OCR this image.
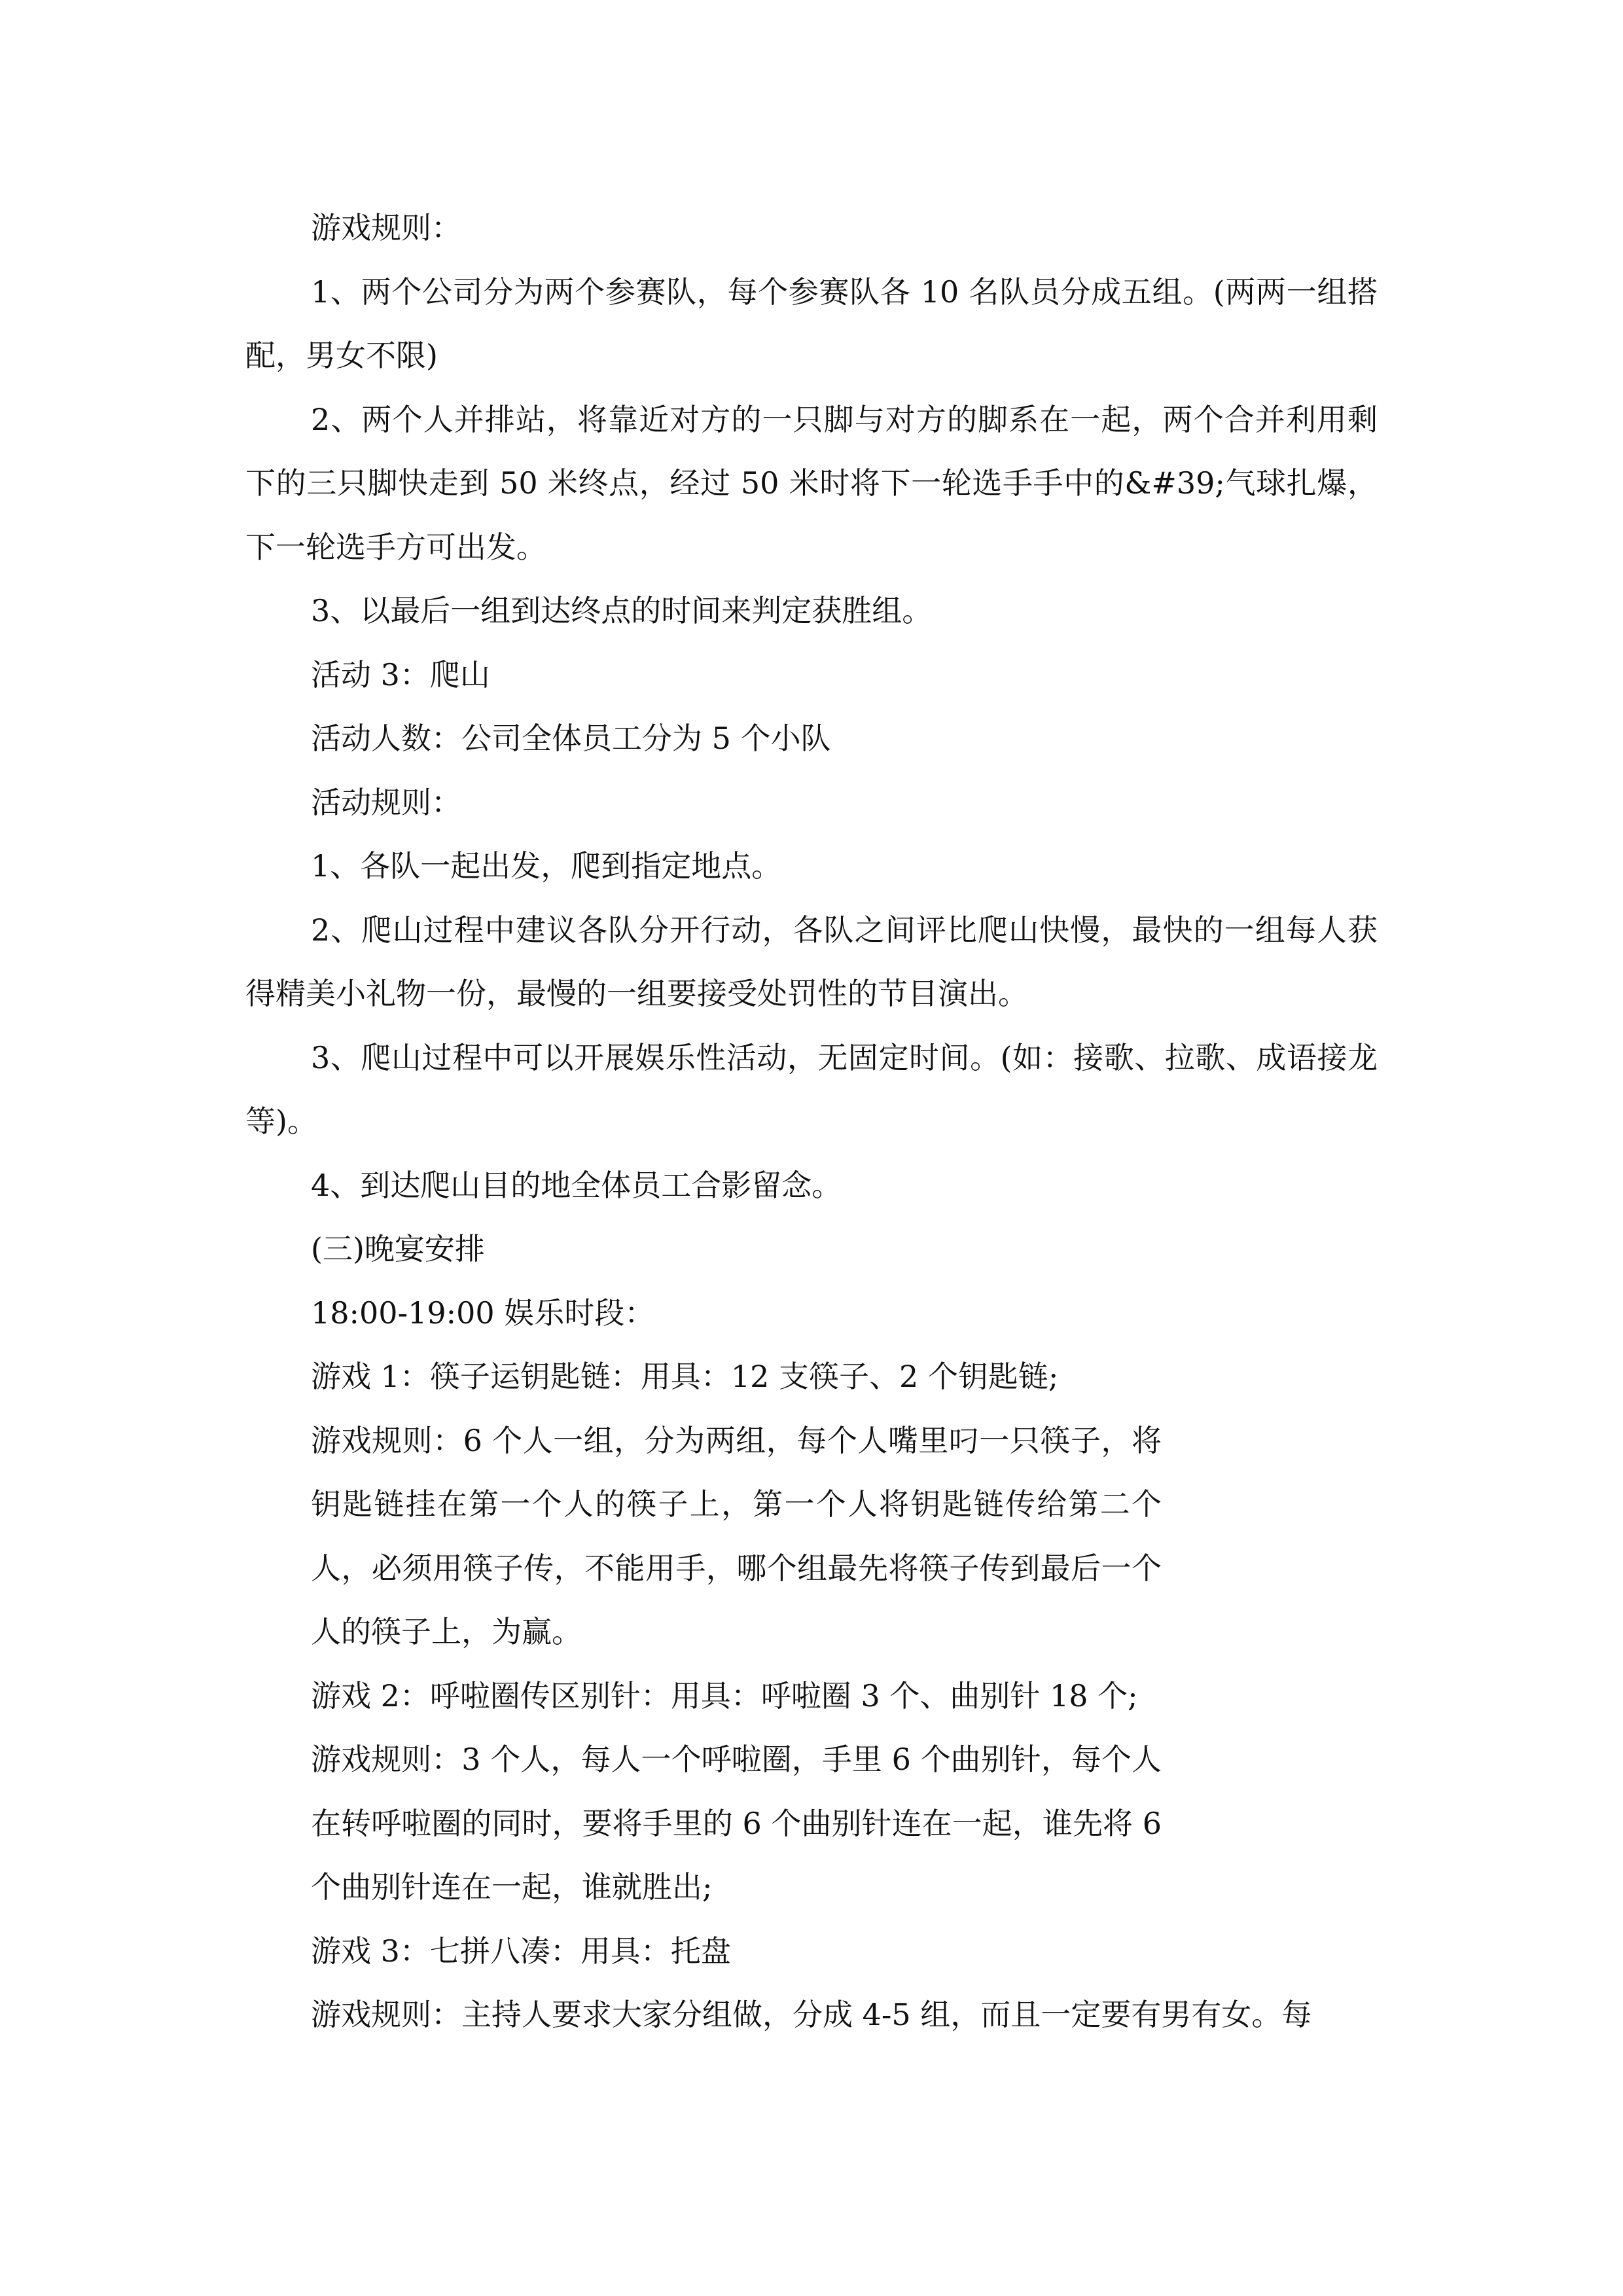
游戏规则：

1、两个公司分为两个参赛队，每个参赛队各 10 名队员分成五组。(两两一组搭配，男女不限)

2、两个人并排站，将靠近对方的一只脚与对方的脚系在一起，两个合并利用剩下的三只脚快走到 50 米终点，经过 50 米时将下一轮选手手中的&#39;气球扎爆，下一轮选手方可出发。

3、以最后一组到达终点的时间来判定获胜组。

活动 3：爬山

活动人数：公司全体员工分为 5 个小队

活动规则：

1、各队一起出发，爬到指定地点。

2、爬山过程中建议各队分开行动，各队之间评比爬山快慢，最快的一组每人获得精美小礼物一份，最慢的一组要接受处罚性的节目演出。

3、爬山过程中可以开展娱乐性活动，无固定时间。(如：接歌、拉歌、成语接龙等)。

4、到达爬山目的地全体员工合影留念。

(三)晚宴安排

18:00-19:00 娱乐时段：

游戏 1：筷子运钥匙链：用具：12 支筷子、2 个钥匙链;

游戏规则：6 个人一组，分为两组，每个人嘴里叼一只筷子，将钥匙链挂在第一个人的筷子上，第一个人将钥匙链传给第二个人，必须用筷子传，不能用手，哪个组最先将筷子传到最后一个人的筷子上，为赢。

游戏 2：呼啦圈传区别针：用具：呼啦圈 3 个、曲别针 18 个;

游戏规则：3 个人，每人一个呼啦圈，手里 6 个曲别针，每个人在转呼啦圈的同时，要将手里的 6 个曲别针连在一起，谁先将 6 个曲别针连在一起，谁就胜出;

游戏 3：七拼八凑：用具：托盘

游戏规则：主持人要求大家分组做，分成 4-5 组，而且一定要有男有女。每
